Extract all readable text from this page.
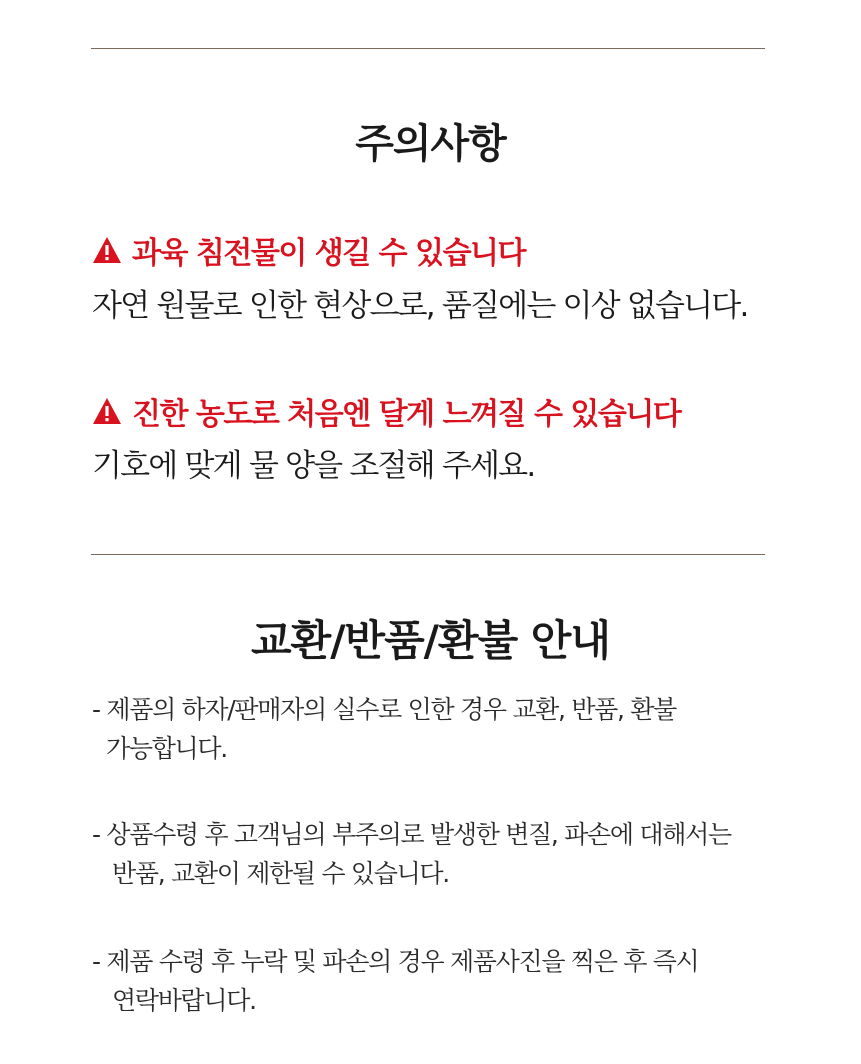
주의사항
과육 침전물이 생길 수 있습니다
자연 원물로 인한 현상으로, 품질에는 이상 없습니다.
진한 농도로 처음엔 달게 느껴질 수 있습니다
기호에 맞게 물 양을 조절해 주세요.
교환/반품/환불 안내
- 제품의 하자/판매자의 실수로 인한 경우 교환, 반품, 환불
가능합니다.
- 상품수령 후 고객님의 부주의로 발생한 변질, 파손에 대해서는
반품, 교환이 제한될 수 있습니다.
- 제품 수령 후 누락 및 파손의 경우 제품사진을 찍은 후 즉시
연락바랍니다.
